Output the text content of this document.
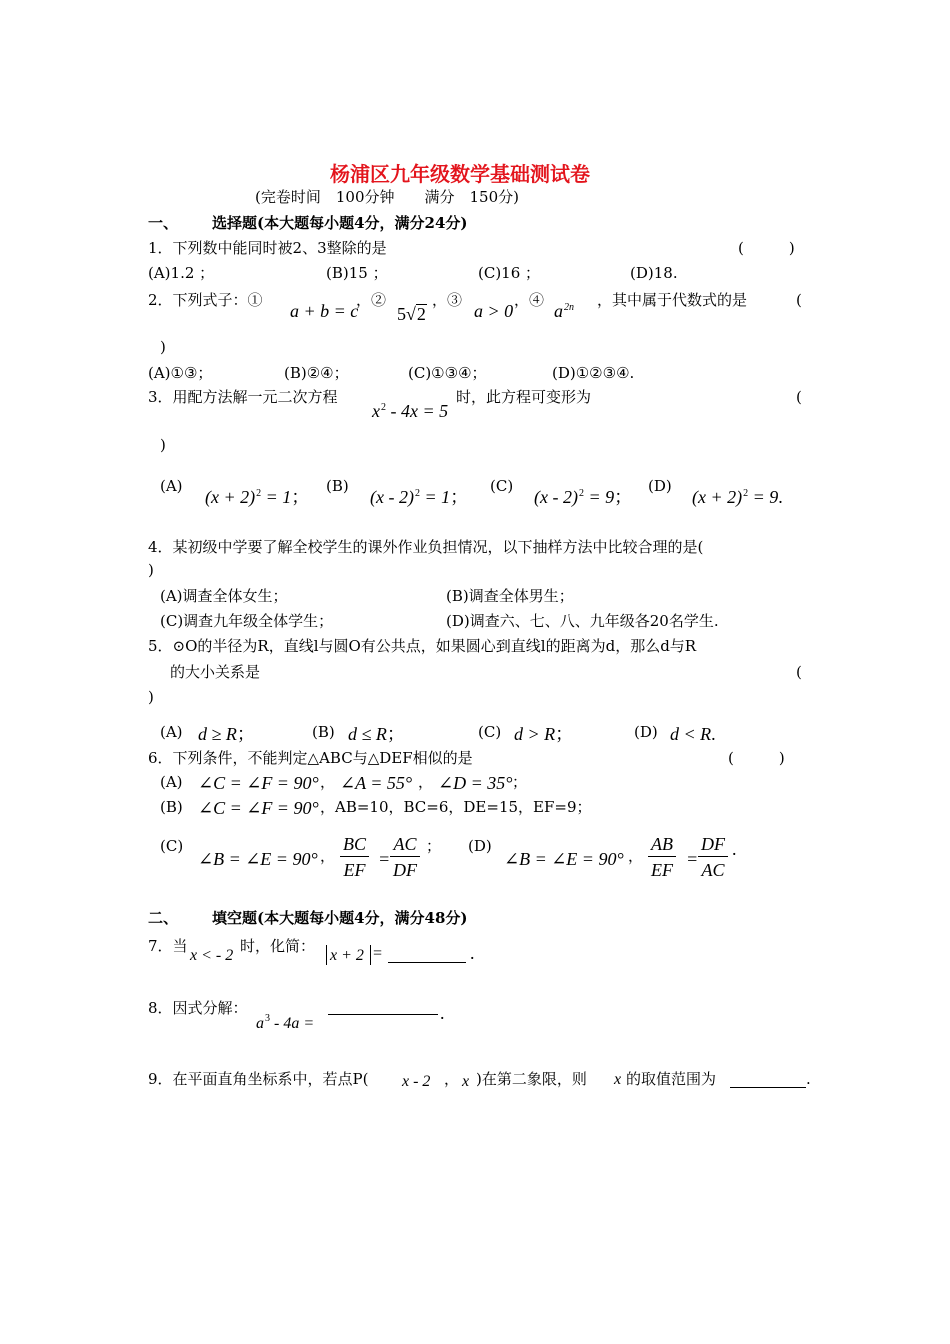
杨浦区九年级数学基础测试卷
(完卷时间　100分钟　　满分　150分)
一、 选择题(本大题每小题4分，满分24分)
1．下列数中能同时被2、3整除的是	(　　　)
(A)1.2 ；	(B)15 ；	(C)16 ；	(D)18.
2．下列式子：①
a + b = c
，②
5√2
，③
a > 0
，④
$a^{2n}$ ，其中属于代数式的是	(
)
(A)①③；	(B)②④；	(C)①③④；	(D)①②③④.
3．用配方法解一元二次方程
$x^2 - 4x = 5$
时，此方程可变形为	(
)
(A)
$(x + 2)^2 = 1$；
(B)
(x - 2)$^2$ = 1；
(C)
(x - 2)$^2$ = 9；
(D)
$(x + 2)^2 = 9$.
4．某初级中学要了解全校学生的课外作业负担情况，以下抽样方法中比较合理的是(
)
(A)调查全体女生；	(B)调查全体男生；
(C)调查九年级全体学生；	(D)调查六、七、八、九年级各20名学生.
5．⊙O的半径为R，直线l与圆O有公共点，如果圆心到直线l的距离为d，那么d与R
的大小关系是	(
)
(A) d ≥ R；	(B) d ≤ R；	(C) d > R；	(D) d < R.
6．下列条件，不能判定△ABC与△DEF相似的是	(　　　)
(A) ∠C = ∠F = 90° ， ∠A = 55° ， ∠D = 35° ；
(B) ∠C = ∠F = 90° ，AB=10，BC=6，DE=15，EF=9；
(C)
∠B = ∠E = 90° ， $\frac{BC}{EF} = \frac{AC}{DF}$ ； (D)
∠B = ∠E = 90° ， $\frac{AB}{EF} = \frac{DF}{AC}$ .
二、 填空题(本大题每小题4分，满分48分)
7．当
x < - 2
时，化简：
x + 2 =	.
8．因式分解：
$a^3 - 4a$ =
.
9．在平面直角坐标系中，若点P( x - 2 ， x )在第二象限，则 x 的取值范围为	.
